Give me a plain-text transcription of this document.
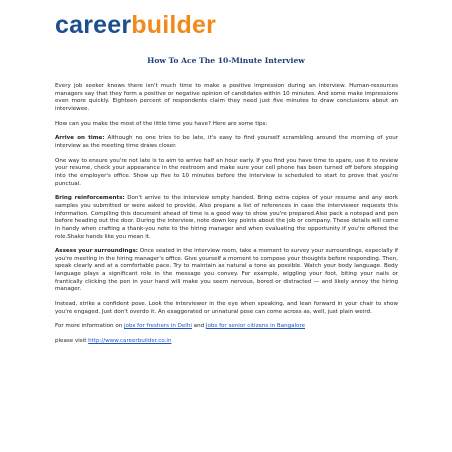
careerbuilder
How To Ace The 10-Minute Interview

Every job seeker knows there isn't much time to make a positive impression during an interview. Human-resources managers say that they form a positive or negative opinion of candidates within 10 minutes. And some make impressions even more quickly. Eighteen percent of respondents claim they need just five minutes to draw conclusions about an interviewee.

How can you make the most of the little time you have? Here are some tips:

Arrive on time: Although no one tries to be late, it's easy to find yourself scrambling around the morning of your interview as the meeting time draws closer.

One way to ensure you're not late is to aim to arrive half an hour early. If you find you have time to spare, use it to review your resume, check your appearance in the restroom and make sure your cell phone has been turned off before stepping into the employer's office. Show up five to 10 minutes before the interview is scheduled to start to prove that you're punctual.

Bring reinforcements: Don't arrive to the interview empty handed. Bring extra copies of your resume and any work samples you submitted or were asked to provide. Also prepare a list of references in case the interviewer requests this information. Compiling this document ahead of time is a good way to show you're prepared.Also pack a notepad and pen before heading out the door. During the interview, note down key points about the job or company. These details will come in handy when crafting a thank-you note to the hiring manager and when evaluating the opportunity if you're offered the role.Shake hands like you mean it.

Assess your surroundings: Once seated in the interview room, take a moment to survey your surroundings, especially if you're meeting in the hiring manager's office. Give yourself a moment to compose your thoughts before responding. Then, speak clearly and at a comfortable pace. Try to maintain as natural a tone as possible. Watch your body language. Body language plays a significant role in the message you convey. For example, wiggling your foot, biting your nails or frantically clicking the pen in your hand will make you seem nervous, bored or distracted — and likely annoy the hiring manager.

Instead, strike a confident pose. Look the interviewer in the eye when speaking, and lean forward in your chair to show you're engaged. Just don't overdo it. An exaggerated or unnatural pose can come across as, well, just plain weird.

For more information on jobs for freshers in Delhi and Jobs for senior citizens in Bangalore

please visit http://www.careerbuilder.co.in
